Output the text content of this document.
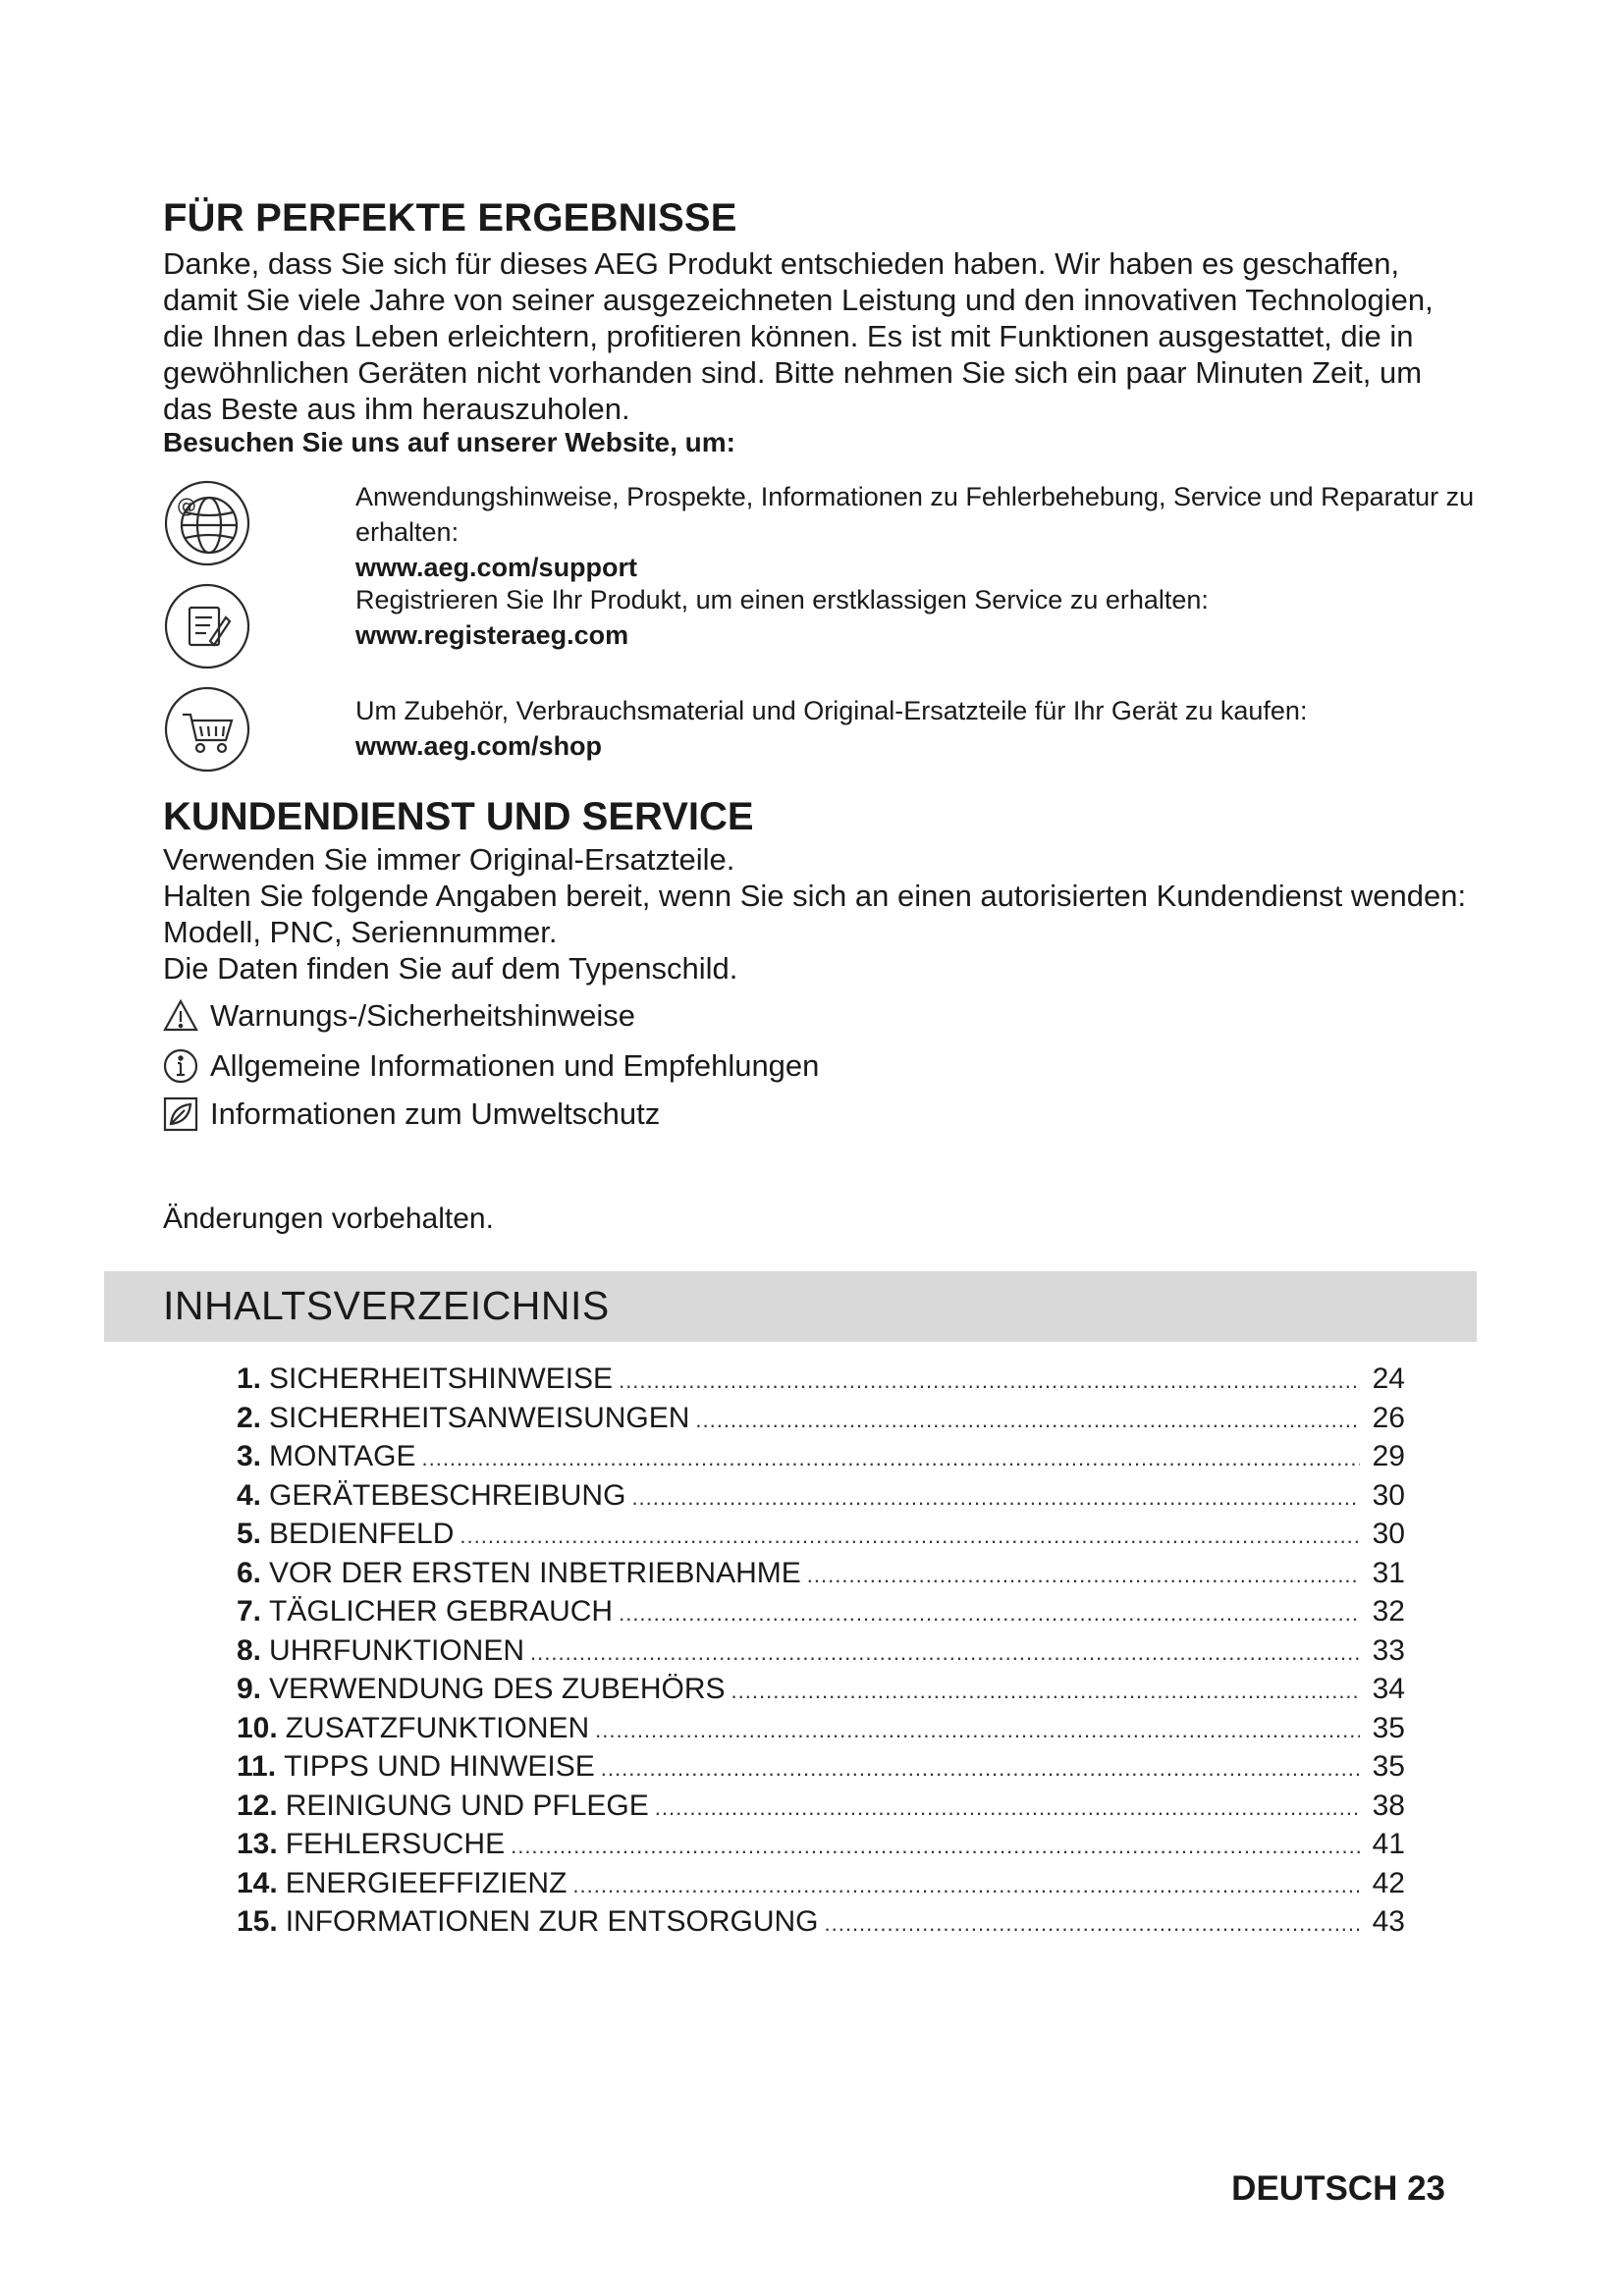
FÜR PERFEKTE ERGEBNISSE

Danke, dass Sie sich für dieses AEG Produkt entschieden haben. Wir haben es geschaffen, damit Sie viele Jahre von seiner ausgezeichneten Leistung und den innovativen Technologien, die Ihnen das Leben erleichtern, profitieren können. Es ist mit Funktionen ausgestattet, die in gewöhnlichen Geräten nicht vorhanden sind. Bitte nehmen Sie sich ein paar Minuten Zeit, um das Beste aus ihm herauszuholen.

Besuchen Sie uns auf unserer Website, um:

@	Anwendungshinweise, Prospekte, Informationen zu Fehlerbehebung, Service und Reparatur zu erhalten:
www.aeg.com/support
Registrieren Sie Ihr Produkt, um einen erstklassigen Service zu erhalten:
www.registeraeg.com
Um Zubehör, Verbrauchsmaterial und Original-Ersatzteile für Ihr Gerät zu kaufen:
www.aeg.com/shop
KUNDENDIENST UND SERVICE

Verwenden Sie immer Original-Ersatzteile.

Halten Sie folgende Angaben bereit, wenn Sie sich an einen autorisierten Kundendienst wenden: Modell, PNC, Seriennummer.

Die Daten finden Sie auf dem Typenschild.

Warnungs-/Sicherheitshinweise
Allgemeine Informationen und Empfehlungen
Informationen zum Umweltschutz

Änderungen vorbehalten.

INHALTSVERZEICHNIS
1. SICHERHEITSHINWEISE .....	24
2. SICHERHEITSANWEISUNGEN .....	26
3. MONTAGE .....	29
4. GERÄTEBESCHREIBUNG .....	30
5. BEDIENFELD .....	30
6. VOR DER ERSTEN INBETRIEBNAHME .....	31
7. TÄGLICHER GEBRAUCH .....	32
8. UHRFUNKTIONEN .....	33
9. VERWENDUNG DES ZUBEHÖRS .....	34
10. ZUSATZFUNKTIONEN .....	35
11. TIPPS UND HINWEISE .....	35
12. REINIGUNG UND PFLEGE .....	38
13. FEHLERSUCHE .....	41
14. ENERGIEEFFIZIENZ .....	42
15. INFORMATIONEN ZUR ENTSORGUNG .....	43

DEUTSCH 23
